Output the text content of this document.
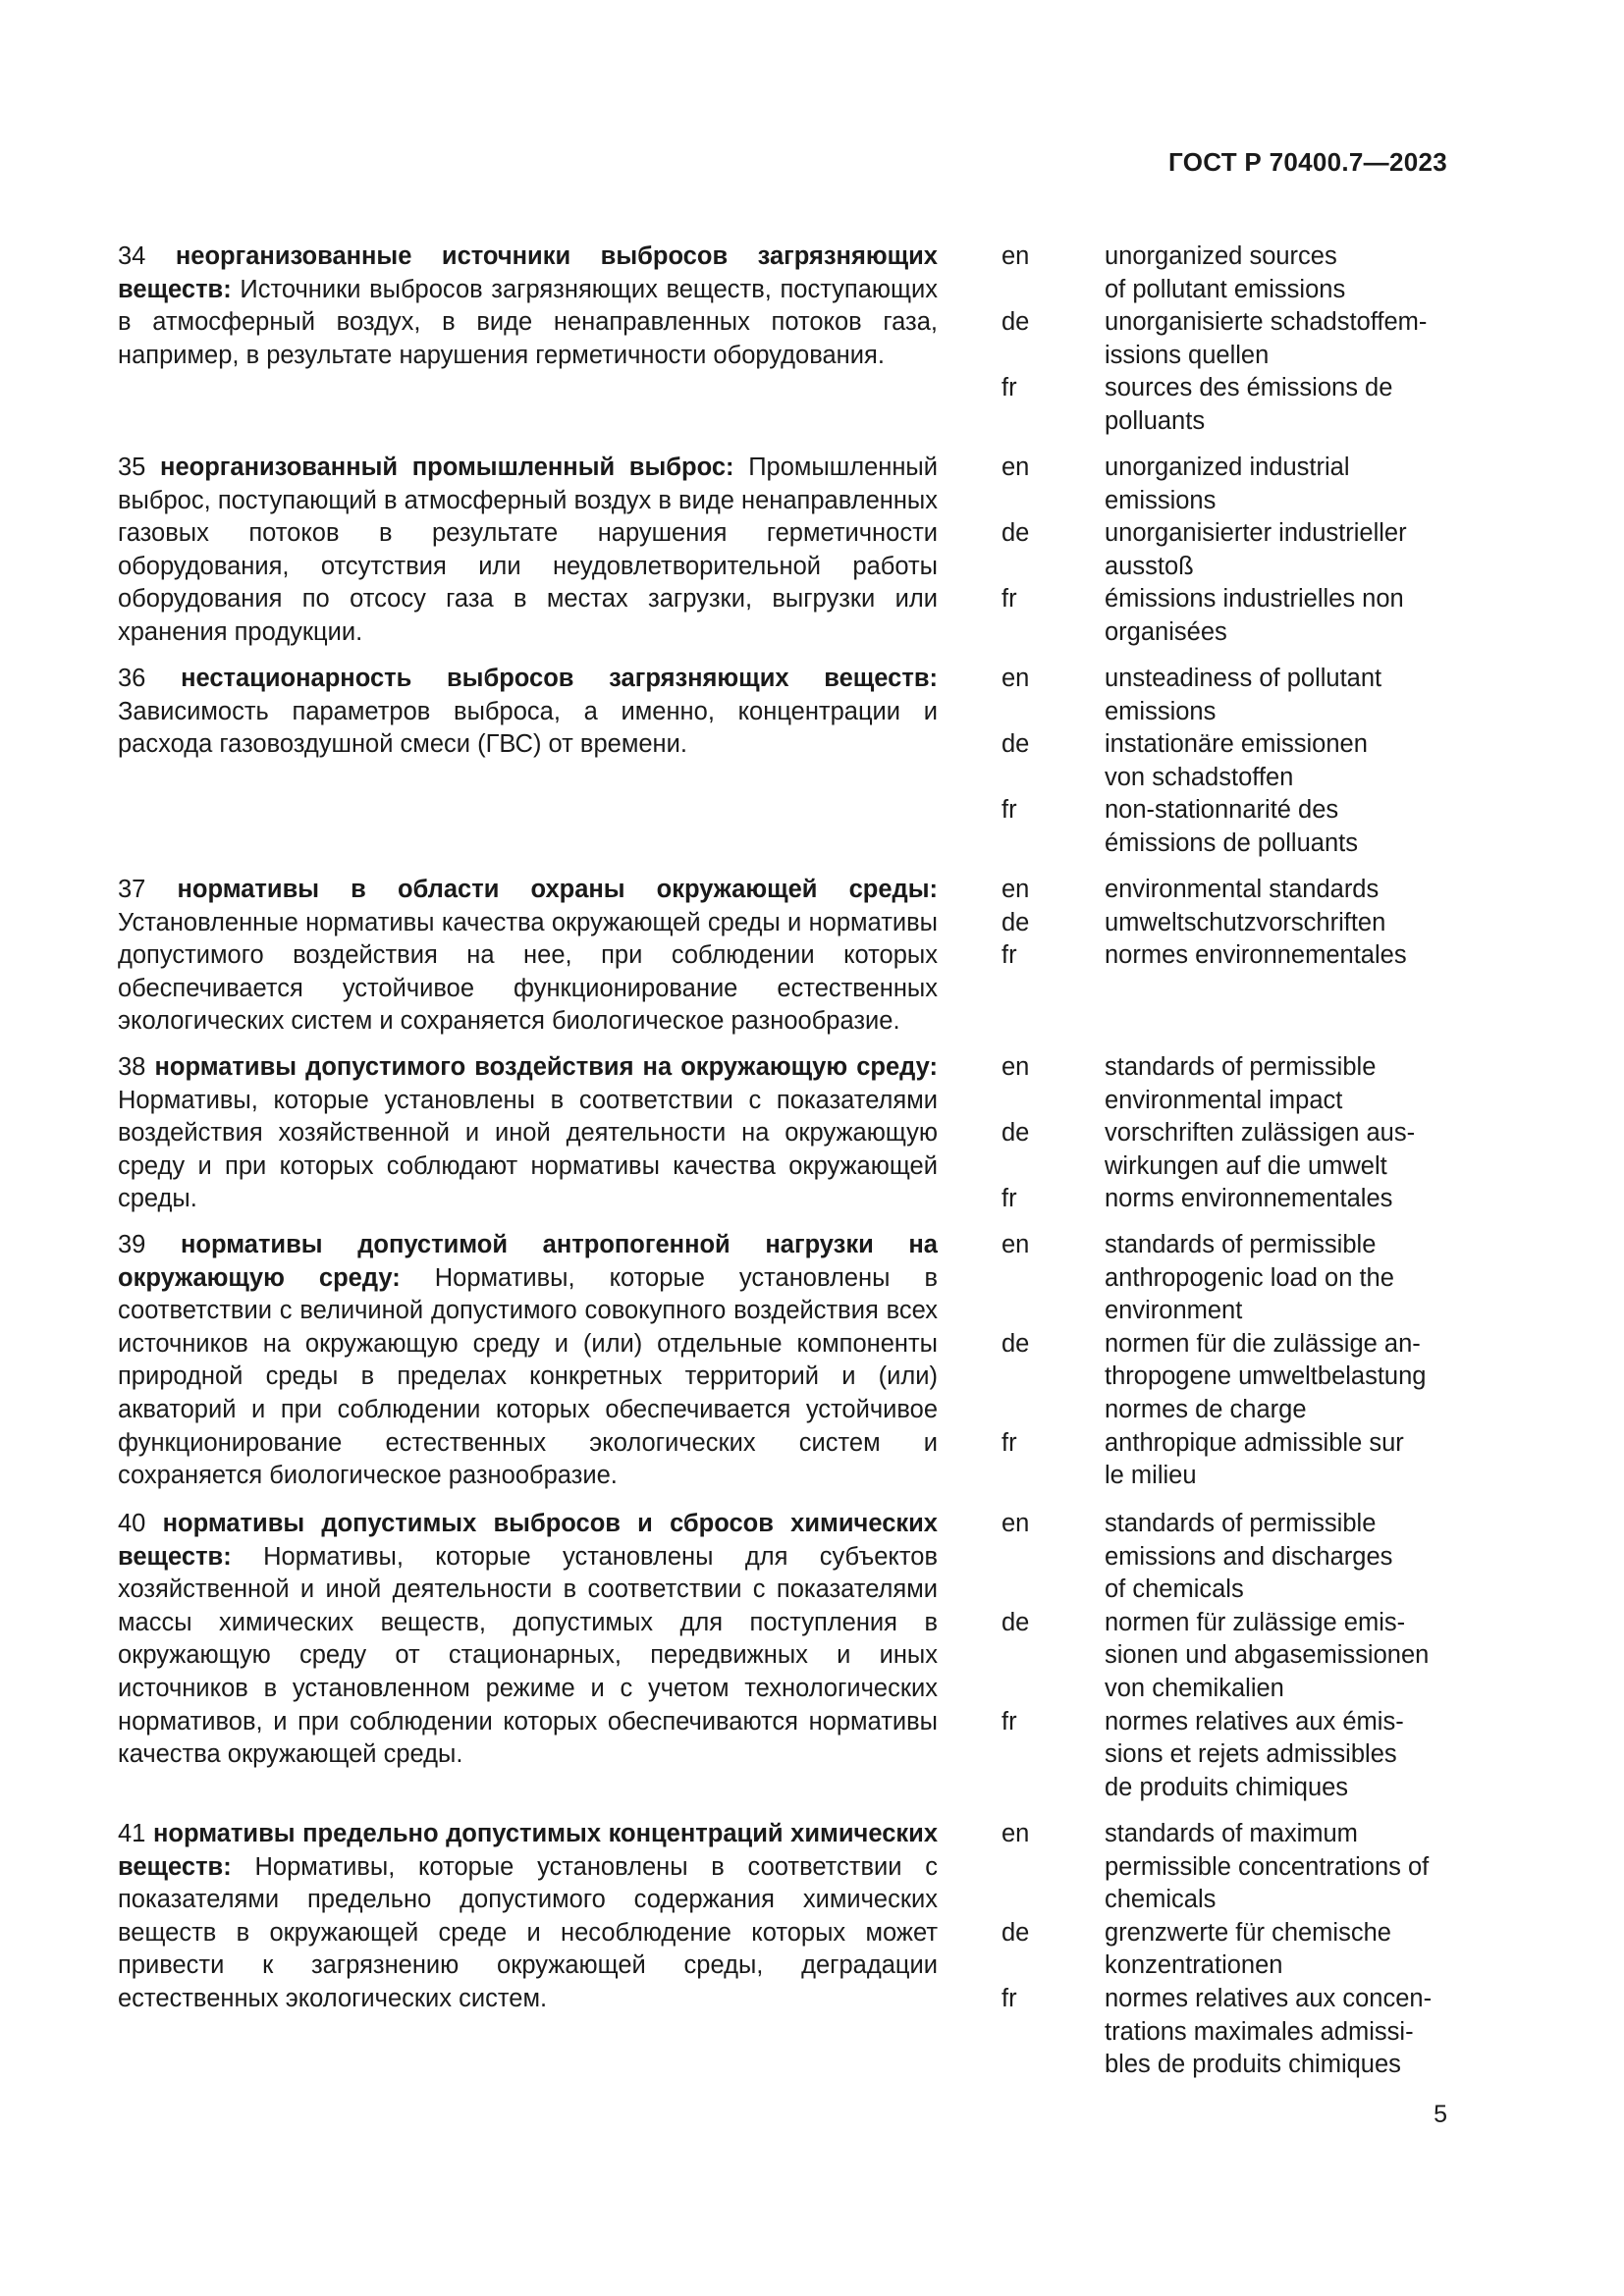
ГОСТ Р 70400.7—2023
34 неорганизованные источники выбросов загрязняющих веществ: Источники выбросов загрязняющих веществ, поступающих в атмосферный воздух, в виде ненаправленных потоков газа, например, в результате нарушения герметичности оборудования.
en	unorganized sources
of pollutant emissions
de	unorganisierte schadstoffem-
issions quellen
fr	sources des émissions de
polluants
35 неорганизованный промышленный выброс: Промышленный выброс, поступающий в атмосферный воздух в виде ненаправленных газовых потоков в результате нарушения герметичности оборудования, отсутствия или неудовлетворительной работы оборудования по отсосу газа в местах загрузки, выгрузки или хранения продукции.
en	unorganized industrial
emissions
de	unorganisierter industrieller
ausstoß
fr	émissions industrielles non
organisées
36 нестационарность выбросов загрязняющих веществ: Зависимость параметров выброса, а именно, концентрации и расхода газовоздушной смеси (ГВС) от времени.
en	unsteadiness of pollutant
emissions
de	instationäre emissionen
von schadstoffen
fr	non-stationnarité des
émissions de polluants
37 нормативы в области охраны окружающей среды: Установленные нормативы качества окружающей среды и нормативы допустимого воздействия на нее, при соблюдении которых обеспечивается устойчивое функционирование естественных экологических систем и сохраняется биологическое разнообразие.
en	environmental standards
de	umweltschutzvorschriften
fr	normes environnementales
38 нормативы допустимого воздействия на окружающую среду: Нормативы, которые установлены в соответствии с показателями воздействия хозяйственной и иной деятельности на окружающую среду и при которых соблюдают нормативы качества окружающей среды.
en	standards of permissible
environmental impact
de	vorschriften zulässigen aus-
wirkungen auf die umwelt
fr	norms environnementales
39 нормативы допустимой антропогенной нагрузки на окружающую среду: Нормативы, которые установлены в соответствии с величиной допустимого совокупного воздействия всех источников на окружающую среду и (или) отдельные компоненты природной среды в пределах конкретных территорий и (или) акваторий и при соблюдении которых обеспечивается устойчивое функционирование естественных экологических систем и сохраняется биологическое разнообразие.
en	standards of permissible
anthropogenic load on the
environment
de	normen für die zulässige an-
thropogene umweltbelastung
normes de charge
fr	anthropique admissible sur
le milieu
40 нормативы допустимых выбросов и сбросов химических веществ: Нормативы, которые установлены для субъектов хозяйственной и иной деятельности в соответствии с показателями массы химических веществ, допустимых для поступления в окружающую среду от стационарных, передвижных и иных источников в установленном режиме и с учетом технологических нормативов, и при соблюдении которых обеспечиваются нормативы качества окружающей среды.
en	standards of permissible
emissions and discharges
of chemicals
de	normen für zulässige emis-
sionen und abgasemissionen
von chemikalien
fr	normes relatives aux émis-
sions et rejets admissibles
de produits chimiques
41 нормативы предельно допустимых концентраций химических веществ: Нормативы, которые установлены в соответствии с показателями предельно допустимого содержания химических веществ в окружающей среде и несоблюдение которых может привести к загрязнению окружающей среды, деградации естественных экологических систем.
en	standards of maximum
permissible concentrations of
chemicals
de	grenzwerte für chemische
konzentrationen
fr	normes relatives aux concen-
trations maximales admissi-
bles de produits chimiques
5
